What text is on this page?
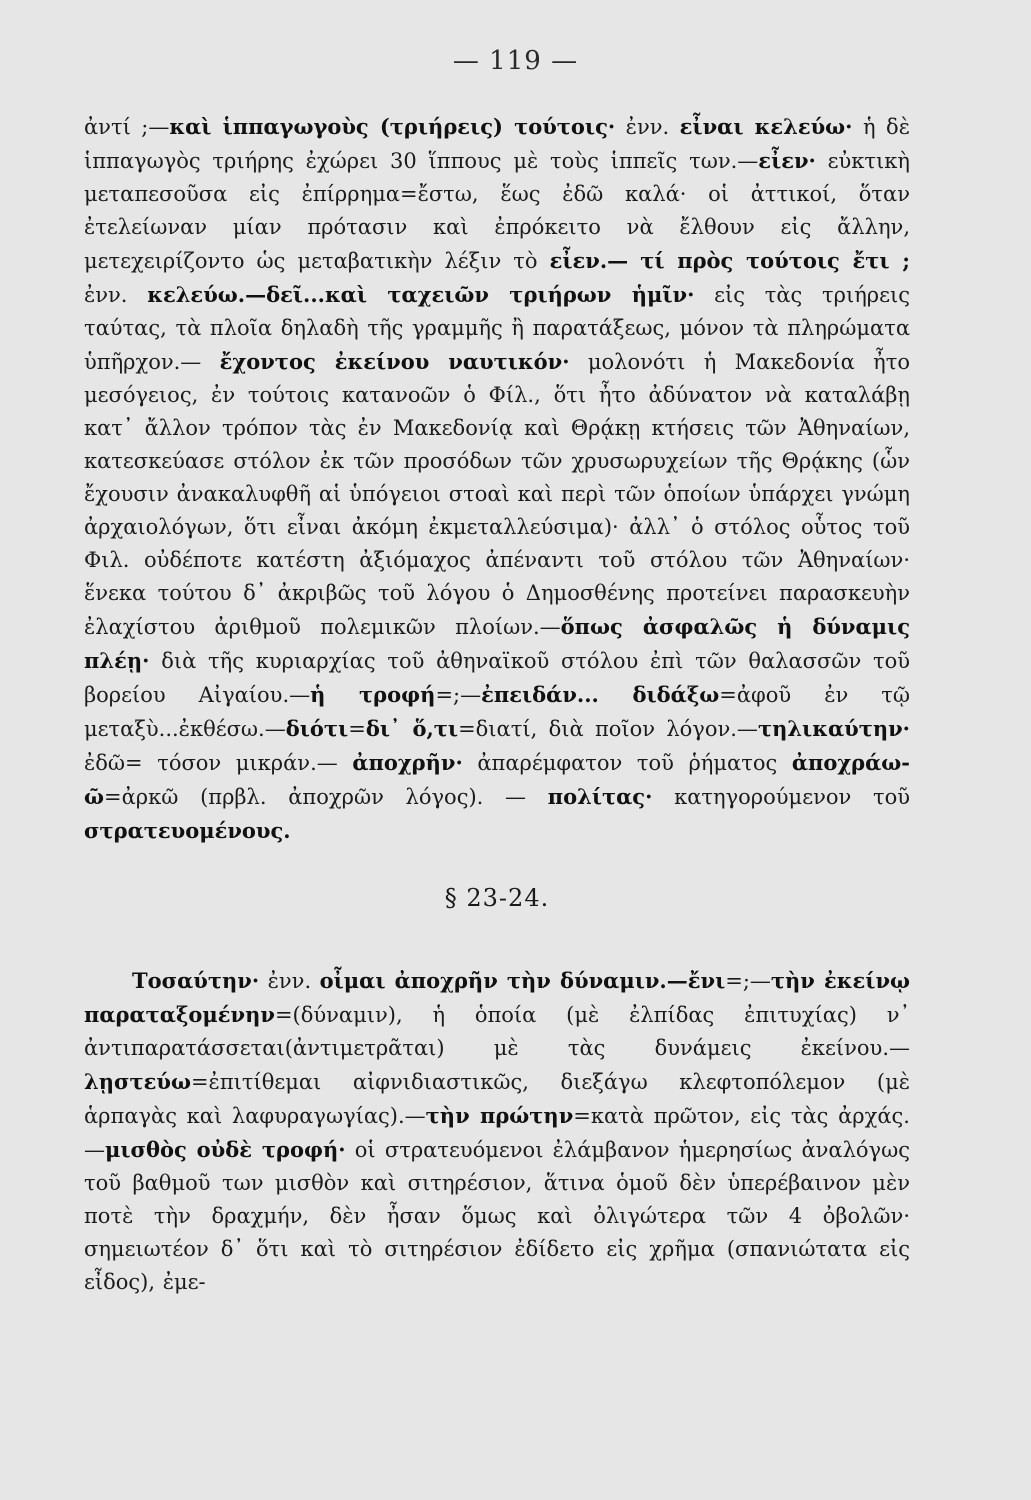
— 119 —

ἀντί ;—καὶ ἱππαγωγοὺς (τριήρεις) τούτοις· ἐνν. εἶναι κελεύω· ἡ δὲ ἱππαγωγὸς τριήρης ἐχώρει 30 ἵππους μὲ τοὺς ἱππεῖς των.—εἶεν· εὐκτικὴ μεταπεσοῦσα εἰς ἐπίρρημα=ἔστω, ἕως ἐδῶ καλά· οἱ ἀττικοί, ὅταν ἐτελείωναν μίαν πρότασιν καὶ ἐπρόκειτο νὰ ἔλθουν εἰς ἄλλην, μετεχειρίζοντο ὡς μεταβατικὴν λέξιν τὸ εἶεν.— τί πρὸς τούτοις ἔτι ; ἐνν. κελεύω.—δεῖ...καὶ ταχειῶν τριήρων ἡμῖν· εἰς τὰς τριήρεις ταύτας, τὰ πλοῖα δηλαδὴ τῆς γραμμῆς ἢ παρατάξεως, μόνον τὰ πληρώματα ὑπῆρχον.— ἔχοντος ἐκείνου ναυτικόν· μολονότι ἡ Μακεδονία ἦτο μεσόγειος, ἐν τούτοις κατανοῶν ὁ Φίλ., ὅτι ἦτο ἀδύνατον νὰ καταλάβῃ κατ᾽ ἄλλον τρόπον τὰς ἐν Μακεδονίᾳ καὶ Θρᾴκῃ κτήσεις τῶν Ἀθηναίων, κατεσκεύασε στόλον ἐκ τῶν προσόδων τῶν χρυσωρυχείων τῆς Θρᾴκης (ὧν ἔχουσιν ἀνακαλυφθῆ αἱ ὑπόγειοι στοαὶ καὶ περὶ τῶν ὁποίων ὑπάρχει γνώμη ἀρχαιολόγων, ὅτι εἶναι ἀκόμη ἐκμεταλλεύσιμα)· ἀλλ᾽ ὁ στόλος οὗτος τοῦ Φιλ. οὐδέποτε κατέστη ἀξιόμαχος ἀπέναντι τοῦ στόλου τῶν Ἀθηναίων· ἕνεκα τούτου δ᾽ ἀκριβῶς τοῦ λόγου ὁ Δημοσθένης προτείνει παρασκευὴν ἐλαχίστου ἀριθμοῦ πολεμικῶν πλοίων.—ὅπως ἀσφαλῶς ἡ δύναμις πλέῃ· διὰ τῆς κυριαρχίας τοῦ ἀθηναϊκοῦ στόλου ἐπὶ τῶν θαλασσῶν τοῦ βορείου Αἰγαίου.—ἡ τροφή=;—ἐπειδάν... διδάξω=ἀφοῦ ἐν τῷ μεταξὺ...ἐκθέσω.—διότι=δι᾽ ὅ,τι=διατί, διὰ ποῖον λόγον.—τηλικαύτην· ἐδῶ= τόσον μικράν.— ἀποχρῆν· ἀπαρέμφατον τοῦ ῥήματος ἀποχράω-ῶ=ἀρκῶ (πρβλ. ἀποχρῶν λόγος). — πολίτας· κατηγορούμενον τοῦ στρατευομένους.

§ 23-24.

Τοσαύτην· ἐνν. οἶμαι ἀποχρῆν τὴν δύναμιν.—ἔνι=;—τὴν ἐκείνῳ παραταξομένην=(δύναμιν), ἡ ὁποία (μὲ ἐλπίδας ἐπιτυχίας) ν᾽ ἀντιπαρατάσσεται(ἀντιμετρᾶται) μὲ τὰς δυνάμεις ἐκείνου.—λῃστεύω=ἐπιτίθεμαι αἰφνιδιαστικῶς, διεξάγω κλεφτοπόλεμον (μὲ ἁρπαγὰς καὶ λαφυραγωγίας).—τὴν πρώτην=κατὰ πρῶτον, εἰς τὰς ἀρχάς.—μισθὸς οὐδὲ τροφή· οἱ στρατευόμενοι ἐλάμβανον ἡμερησίως ἀναλόγως τοῦ βαθμοῦ των μισθὸν καὶ σιτηρέσιον, ἅτινα ὁμοῦ δὲν ὑπερέβαινον μὲν ποτὲ τὴν δραχμήν, δὲν ἦσαν ὅμως καὶ ὀλιγώτερα τῶν 4 ὀβολῶν· σημειωτέον δ᾽ ὅτι καὶ τὸ σιτηρέσιον ἐδίδετο εἰς χρῆμα (σπανιώτατα εἰς εἶδος), ἐμε-
